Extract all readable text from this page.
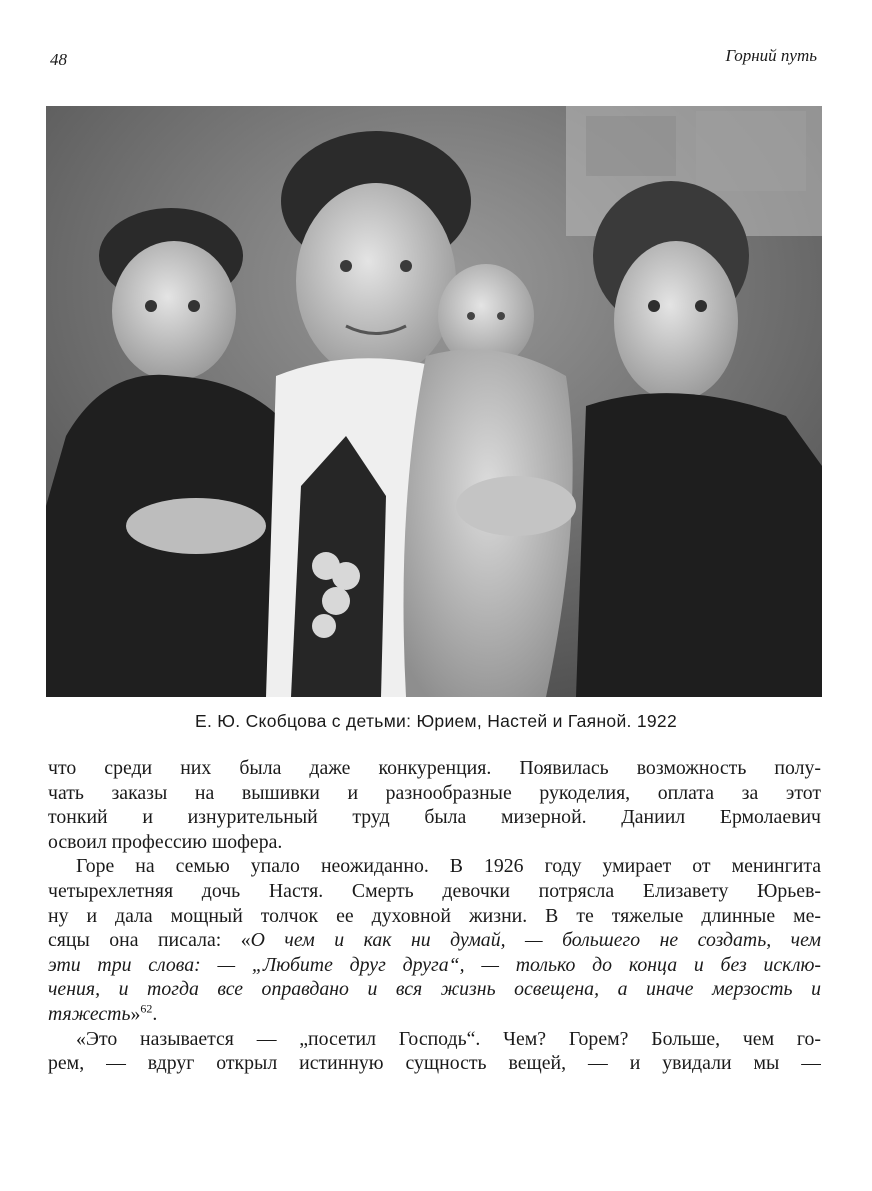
48	Горний путь
Е. Ю. Скобцова с детьми: Юрием, Настей и Гаяной. 1922

что среди них была даже конкуренция. Появилась возможность полу-
чать заказы на вышивки и разнообразные рукоделия, оплата за этот
тонкий и изнурительный труд была мизерной. Даниил Ермолаевич
освоил профессию шофера.

Горе на семью упало неожиданно. В 1926 году умирает от менингита
четырехлетняя дочь Настя. Смерть девочки потрясла Елизавету Юрьев-
ну и дала мощный толчок ее духовной жизни. В те тяжелые длинные ме-
сяцы она писала: «О чем и как ни думай, — большего не создать, чем
эти три слова: — „Любите друг друга“, — только до конца и без исклю-
чения, и тогда все оправдано и вся жизнь освещена, а иначе мерзость и
тяжесть»$^{62}$.

«Это называется — „посетил Господь“. Чем? Горем? Больше, чем го-
рем, — вдруг открыл истинную сущность вещей, — и увидали мы —
